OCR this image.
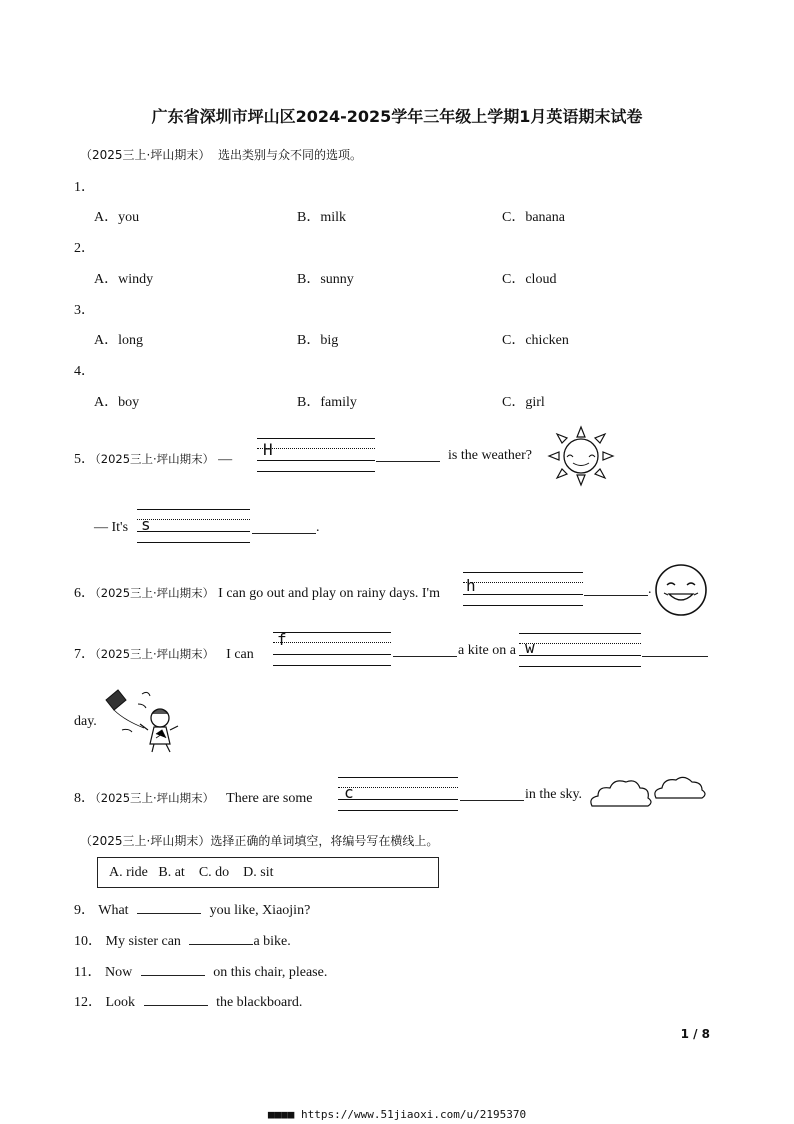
广东省深圳市坪山区2024-2025学年三年级上学期1月英语期末试卷
（2025三上·坪山期末） 选出类别与众不同的选项。
1．
A．you	B．milk	C．banana
2．
A．windy	B．sunny	C．cloud
3．
A．long	B．big	C．chicken
4．
A．boy	B．family	C．girl
5．（2025三上·坪山期末） —
H	is the weather?
— It's s	.
6．（2025三上·坪山期末） I can go out and play on rainy days. I'm h	.
7．（2025三上·坪山期末） I can
f
a kite on a w
day.
8．（2025三上·坪山期末） There are some c	in the sky.
（2025三上·坪山期末）选择正确的单词填空，将编号写在横线上。
A. ride   B. at    C. do    D. sit
9． What	you like, Xiaojin?
10． My sister can	a bike.
11． Now	on this chair, please.
12． Look	the blackboard.
1 / 8
■■■■ https://www.51jiaoxi.com/u/2195370
